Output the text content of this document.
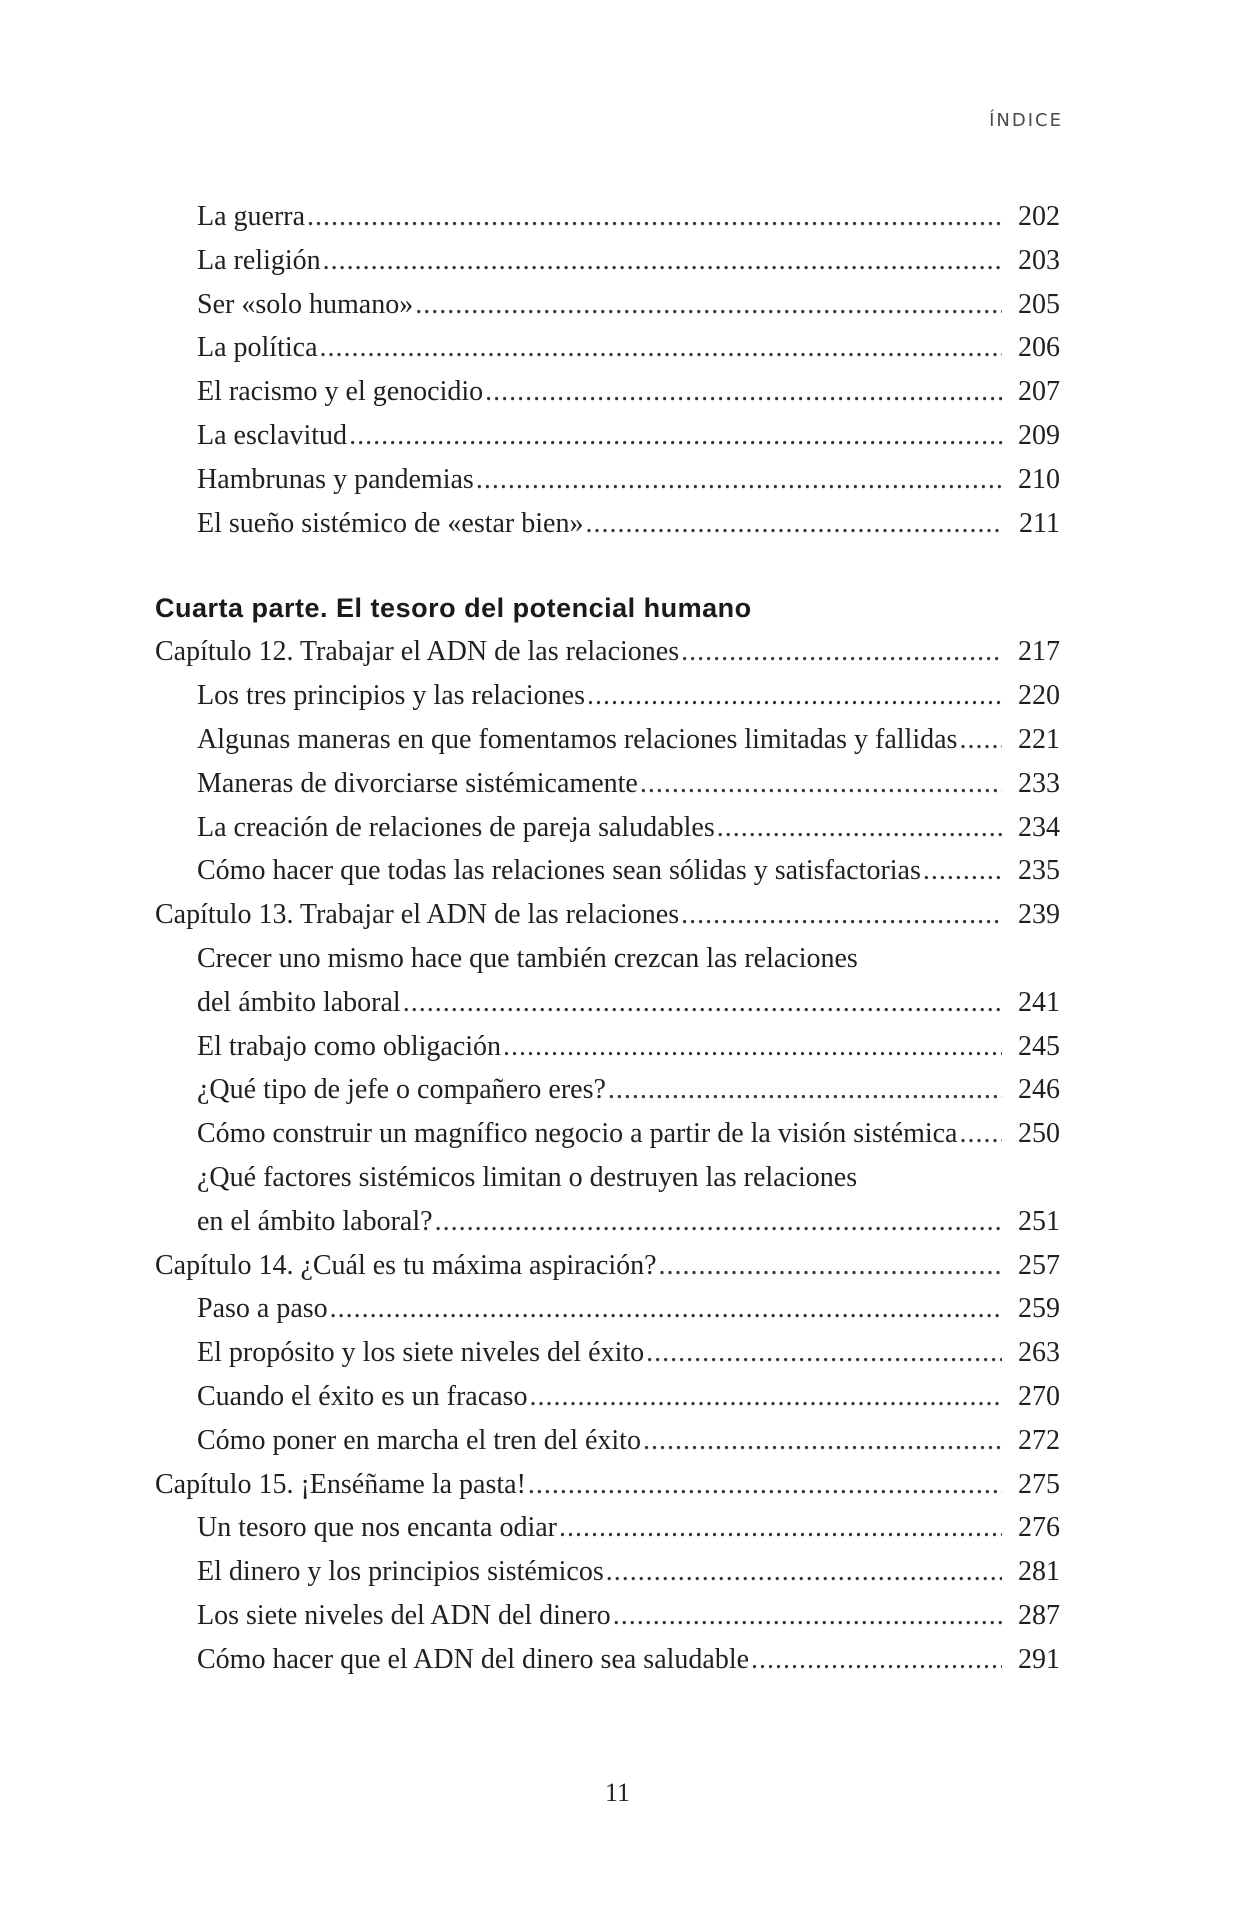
ÍNDICE
La guerra .....	202
La religión .....	203
Ser «solo humano» .....	205
La política .....	206
El racismo y el genocidio .....	207
La esclavitud .....	209
Hambrunas y pandemias .....	210
El sueño sistémico de «estar bien» .....	211
Cuarta parte. El tesoro del potencial humano
Capítulo 12. Trabajar el ADN de las relaciones .....	217
Los tres principios y las relaciones .....	220
Algunas maneras en que fomentamos relaciones limitadas y fallidas .....	221
Maneras de divorciarse sistémicamente .....	233
La creación de relaciones de pareja saludables .....	234
Cómo hacer que todas las relaciones sean sólidas y satisfactorias .....	235
Capítulo 13. Trabajar el ADN de las relaciones .....	239
Crecer uno mismo hace que también crezcan las relaciones
del ámbito laboral .....	241
El trabajo como obligación .....	245
¿Qué tipo de jefe o compañero eres? .....	246
Cómo construir un magnífico negocio a partir de la visión sistémica .....	250
¿Qué factores sistémicos limitan o destruyen las relaciones
en el ámbito laboral? .....	251
Capítulo 14. ¿Cuál es tu máxima aspiración? .....	257
Paso a paso .....	259
El propósito y los siete niveles del éxito .....	263
Cuando el éxito es un fracaso .....	270
Cómo poner en marcha el tren del éxito .....	272
Capítulo 15. ¡Enséñame la pasta! .....	275
Un tesoro que nos encanta odiar .....	276
El dinero y los principios sistémicos .....	281
Los siete niveles del ADN del dinero .....	287
Cómo hacer que el ADN del dinero sea saludable .....	291
11
